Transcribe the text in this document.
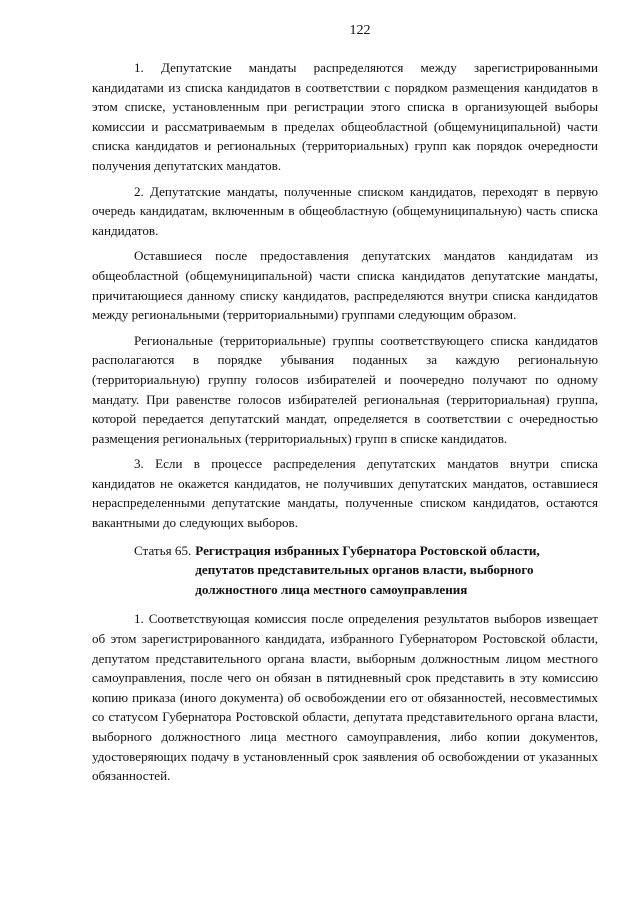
122

1. Депутатские мандаты распределяются между зарегистрированными кандидатами из списка кандидатов в соответствии с порядком размещения кандидатов в этом списке, установленным при регистрации этого списка в организующей выборы комиссии и рассматриваемым в пределах общеобластной (общемуниципальной) части списка кандидатов и региональных (территориальных) групп как порядок очередности получения депутатских мандатов.

2. Депутатские мандаты, полученные списком кандидатов, переходят в первую очередь кандидатам, включенным в общеобластную (общемуниципальную) часть списка кандидатов.

Оставшиеся после предоставления депутатских мандатов кандидатам из общеобластной (общемуниципальной) части списка кандидатов депутатские мандаты, причитающиеся данному списку кандидатов, распределяются внутри списка кандидатов между региональными (территориальными) группами следующим образом.

Региональные (территориальные) группы соответствующего списка кандидатов располагаются в порядке убывания поданных за каждую региональную (территориальную) группу голосов избирателей и поочередно получают по одному мандату. При равенстве голосов избирателей региональная (территориальная) группа, которой передается депутатский мандат, определяется в соответствии с очередностью размещения региональных (территориальных) групп в списке кандидатов.

3. Если в процессе распределения депутатских мандатов внутри списка кандидатов не окажется кандидатов, не получивших депутатских мандатов, оставшиеся нераспределенными депутатские мандаты, полученные списком кандидатов, остаются вакантными до следующих выборов.

Статья 65. Регистрация избранных Губернатора Ростовской области, депутатов представительных органов власти, выборного должностного лица местного самоуправления

1. Соответствующая комиссия после определения результатов выборов извещает об этом зарегистрированного кандидата, избранного Губернатором Ростовской области, депутатом представительного органа власти, выборным должностным лицом местного самоуправления, после чего он обязан в пятидневный срок представить в эту комиссию копию приказа (иного документа) об освобождении его от обязанностей, несовместимых со статусом Губернатора Ростовской области, депутата представительного органа власти, выборного должностного лица местного самоуправления, либо копии документов, удостоверяющих подачу в установленный срок заявления об освобождении от указанных обязанностей.
